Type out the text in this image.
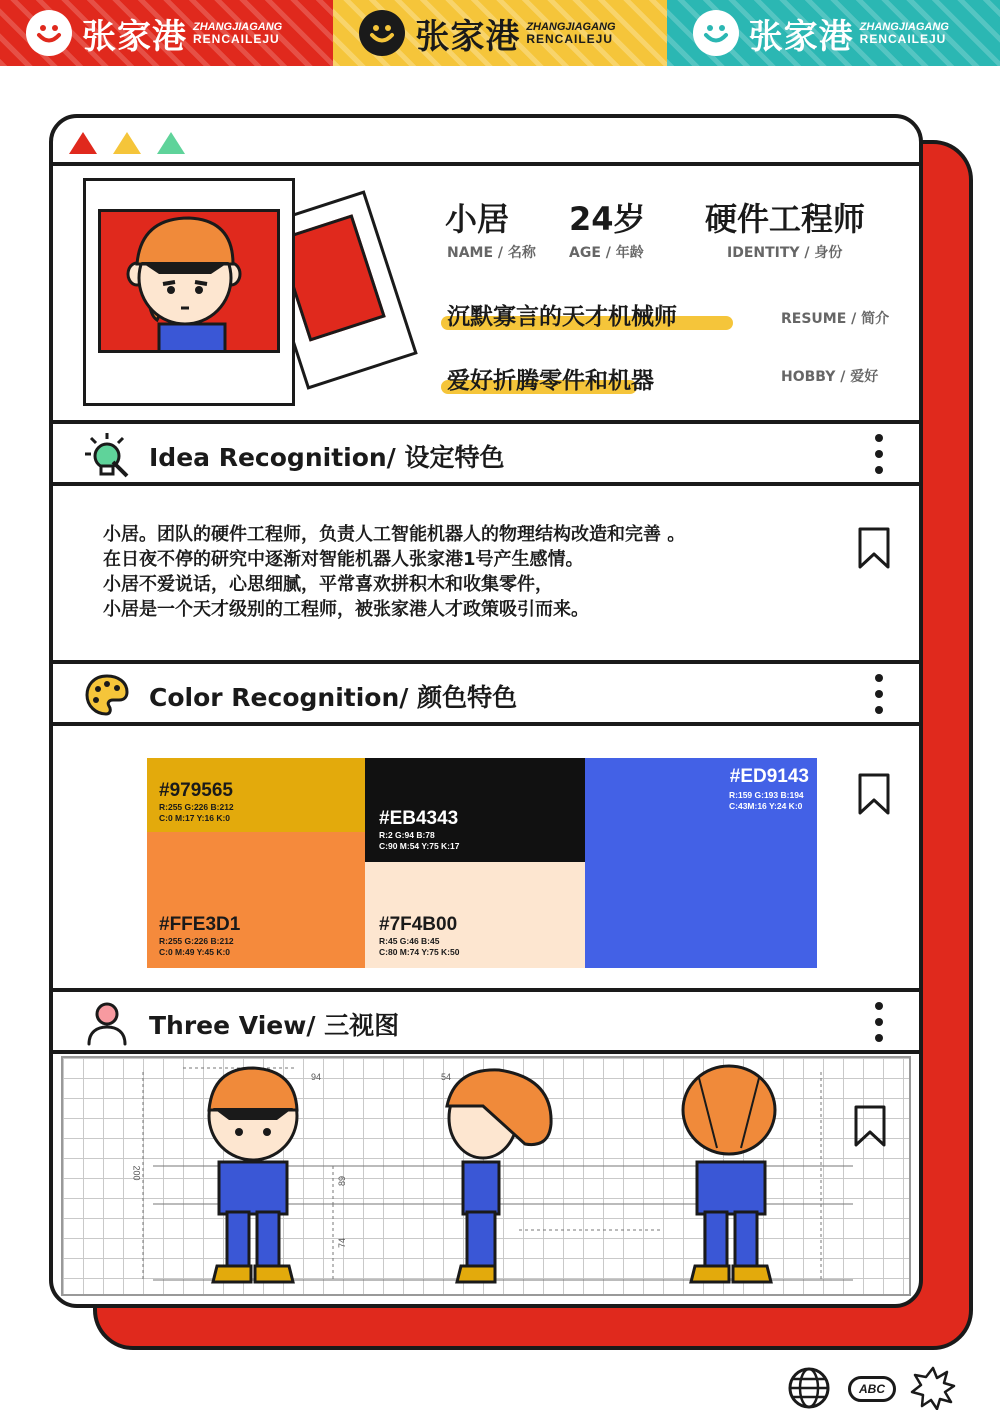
张家港 ZHANGJIAGANG
RENCAILEJU	张家港 ZHANGJIAGANG
RENCAILEJU	张家港 ZHANGJIAGANG
RENCAILEJU
小居
NAME / 名称
24岁
AGE / 年龄
硬件工程师
IDENTITY / 身份
沉默寡言的天才机械师	RESUME / 简介
爱好折腾零件和机器	HOBBY / 爱好
Idea Recognition/ 设定特色

小居。团队的硬件工程师，负责人工智能机器人的物理结构改造和完善 。

在日夜不停的研究中逐渐对智能机器人张家港1号产生感情。

小居不爱说话，心思细腻，平常喜欢拼积木和收集零件，

小居是一个天才级别的工程师，被张家港人才政策吸引而来。

Color Recognition/ 颜色特色
#979565
R:255 G:226 B:212
C:0 M:17 Y:16 K:0	#EB4343
R:2 G:94 B:78
C:90 M:54 Y:75 K:17
#ED9143
R:159 G:193 B:194
C:43M:16 Y:24 K:0
#FFE3D1
R:255 G:226 B:212
C:0 M:49 Y:45 K:0
#7F4B00
R:45 G:46 B:45
C:80 M:74 Y:75 K:50
Three View/ 三视图
94	54
200
89
74
ABC
